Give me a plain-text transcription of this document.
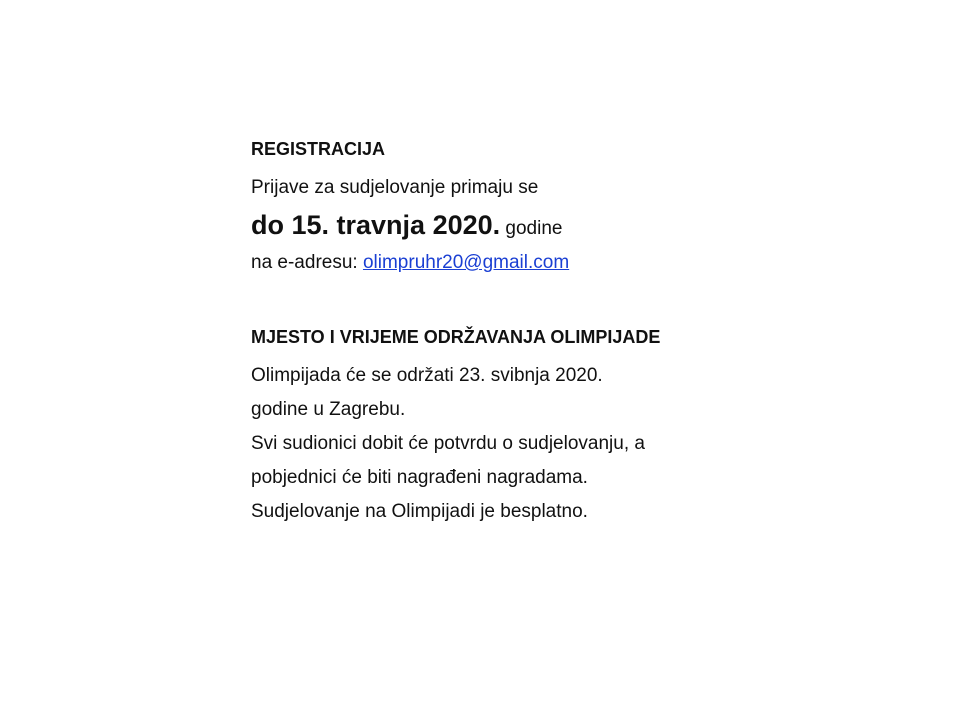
REGISTRACIJA

Prijave za sudjelovanje primaju se

do 15. travnja 2020. godine

na e-adresu: olimpruhr20@gmail.com

MJESTO I VRIJEME ODRŽAVANJA OLIMPIJADE

Olimpijada će se održati 23. svibnja 2020.

godine u Zagrebu.

Svi sudionici dobit će potvrdu o sudjelovanju, a

pobjednici će biti nagrađeni nagradama.

Sudjelovanje na Olimpijadi je besplatno.
